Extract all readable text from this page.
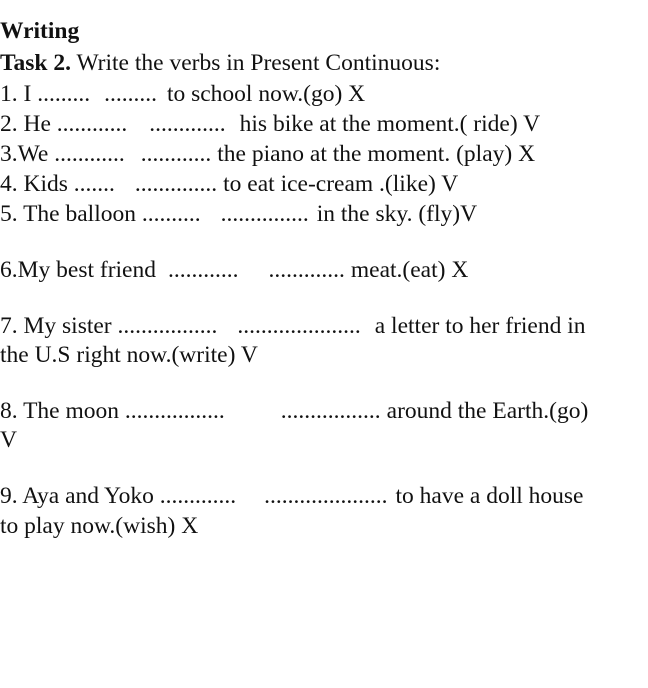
Writing

Task 2. Write the verbs in Present Continuous:

1. I ......... ......... to school now.(go) X

2. He ............ ............. his bike at the moment.( ride) V

3.We ............ ............ the piano at the moment. (play) X

4. Kids ....... .............. to eat ice-cream .(like) V

5. The balloon .......... ............... in the sky. (fly)V

6.My best friend ............ ............. meat.(eat) X

7. My sister ................. ..................... a letter to her friend in

the U.S right now.(write) V

8. The moon ................. ................. around the Earth.(go)

V

9. Aya and Yoko ............. ..................... to have a doll house

to play now.(wish) X
